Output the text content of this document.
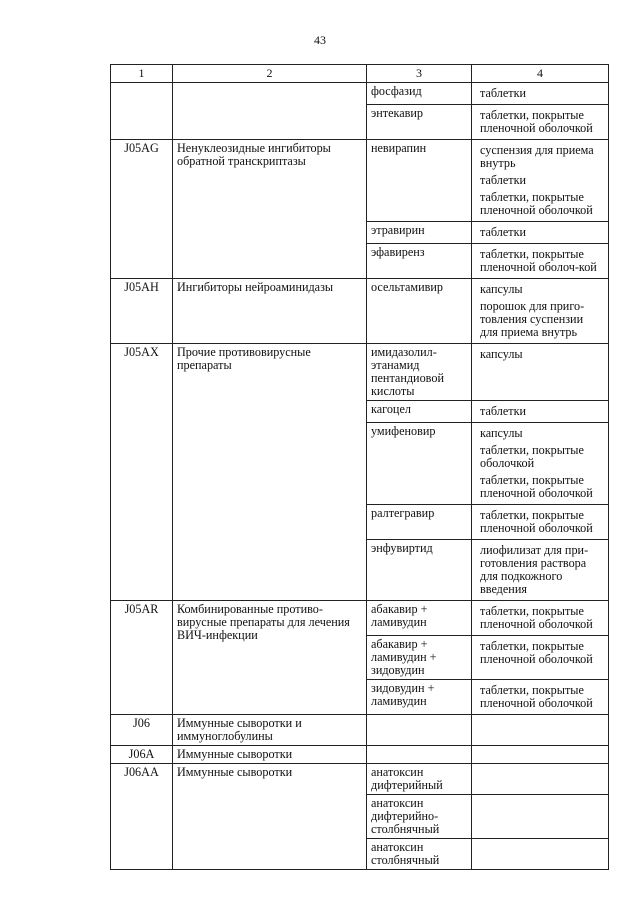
43
1	2	3	4
		фосфазид	таблетки

		энтекавир	таблетки, покрытые пленочной оболочкой

J05AG	Ненуклеозидные ингибиторы обратной транскриптазы	невирапин	суспензия для приема внутрь
таблетки
таблетки, покрытые пленочной оболочкой

		этравирин	таблетки

		эфавиренз	таблетки, покрытые пленочной оболоч-кой

J05AH	Ингибиторы нейроаминидазы	осельтамивир	капсулы
порошок для приго-товления суспензии для приема внутрь

J05AX	Прочие противовирусные препараты	имидазолил-этанамид пентандиовой кислоты	капсулы

		кагоцел	таблетки

		умифеновир	капсулы
таблетки, покрытые оболочкой
таблетки, покрытые пленочной оболочкой

		ралтегравир	таблетки, покрытые пленочной оболочкой

		энфувиртид	лиофилизат для при-готовления раствора для подкожного введения

J05AR	Комбинированные противо-вирусные препараты для лечения ВИЧ-инфекции	абакавир + ламивудин	таблетки, покрытые пленочной оболочкой

		абакавир + ламивудин + зидовудин	таблетки, покрытые пленочной оболочкой

		зидовудин + ламивудин	таблетки, покрытые пленочной оболочкой

J06	Иммунные сыворотки и иммуноглобулины		

J06A	Иммунные сыворотки		

J06AA	Иммунные сыворотки	анатоксин дифтерийный	

		анатоксин дифтерийно-столбнячный	

		анатоксин столбнячный	
